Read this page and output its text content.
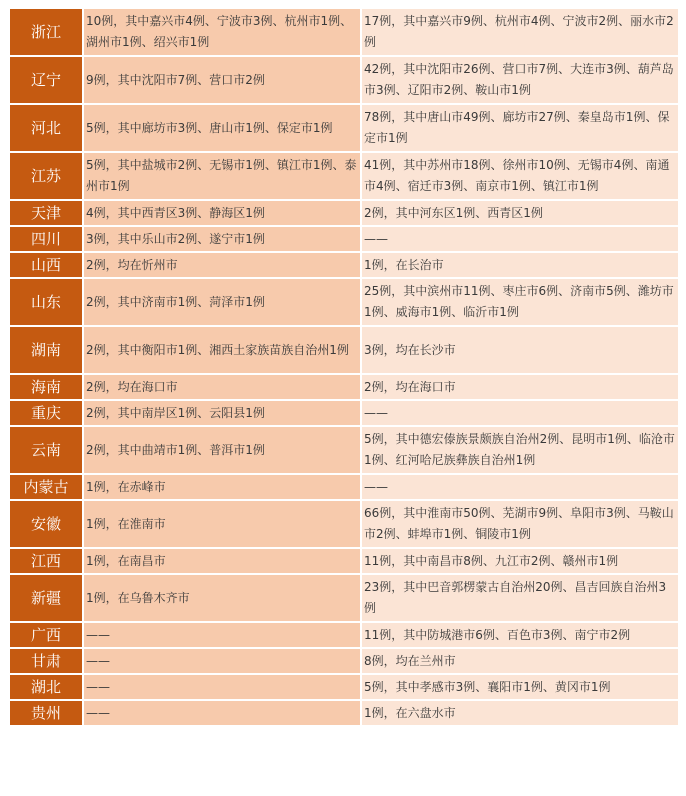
浙江	10例，其中嘉兴市4例、宁波市3例、杭州市1例、湖州市1例、绍兴市1例	17例，其中嘉兴市9例、杭州市4例、宁波市2例、丽水市2例
辽宁	9例，其中沈阳市7例、营口市2例	42例，其中沈阳市26例、营口市7例、大连市3例、葫芦岛市3例、辽阳市2例、鞍山市1例
河北	5例，其中廊坊市3例、唐山市1例、保定市1例	78例，其中唐山市49例、廊坊市27例、秦皇岛市1例、保定市1例
江苏	5例，其中盐城市2例、无锡市1例、镇江市1例、泰州市1例	41例，其中苏州市18例、徐州市10例、无锡市4例、南通市4例、宿迁市3例、南京市1例、镇江市1例
天津	4例，其中西青区3例、静海区1例	2例，其中河东区1例、西青区1例
四川	3例，其中乐山市2例、遂宁市1例	——
山西	2例，均在忻州市	1例，在长治市
山东	2例，其中济南市1例、菏泽市1例	25例，其中滨州市11例、枣庄市6例、济南市5例、潍坊市1例、威海市1例、临沂市1例
湖南	2例，其中衡阳市1例、湘西土家族苗族自治州1例	3例，均在长沙市
海南	2例，均在海口市	2例，均在海口市
重庆	2例，其中南岸区1例、云阳县1例	——
云南	2例，其中曲靖市1例、普洱市1例	5例，其中德宏傣族景颇族自治州2例、昆明市1例、临沧市1例、红河哈尼族彝族自治州1例
内蒙古	1例，在赤峰市	——
安徽	1例，在淮南市	66例，其中淮南市50例、芜湖市9例、阜阳市3例、马鞍山市2例、蚌埠市1例、铜陵市1例
江西	1例，在南昌市	11例，其中南昌市8例、九江市2例、赣州市1例
新疆	1例，在乌鲁木齐市	23例，其中巴音郭楞蒙古自治州20例、昌吉回族自治州3例
广西	——	11例，其中防城港市6例、百色市3例、南宁市2例
甘肃	——	8例，均在兰州市
湖北	——	5例，其中孝感市3例、襄阳市1例、黄冈市1例
贵州	——	1例，在六盘水市
